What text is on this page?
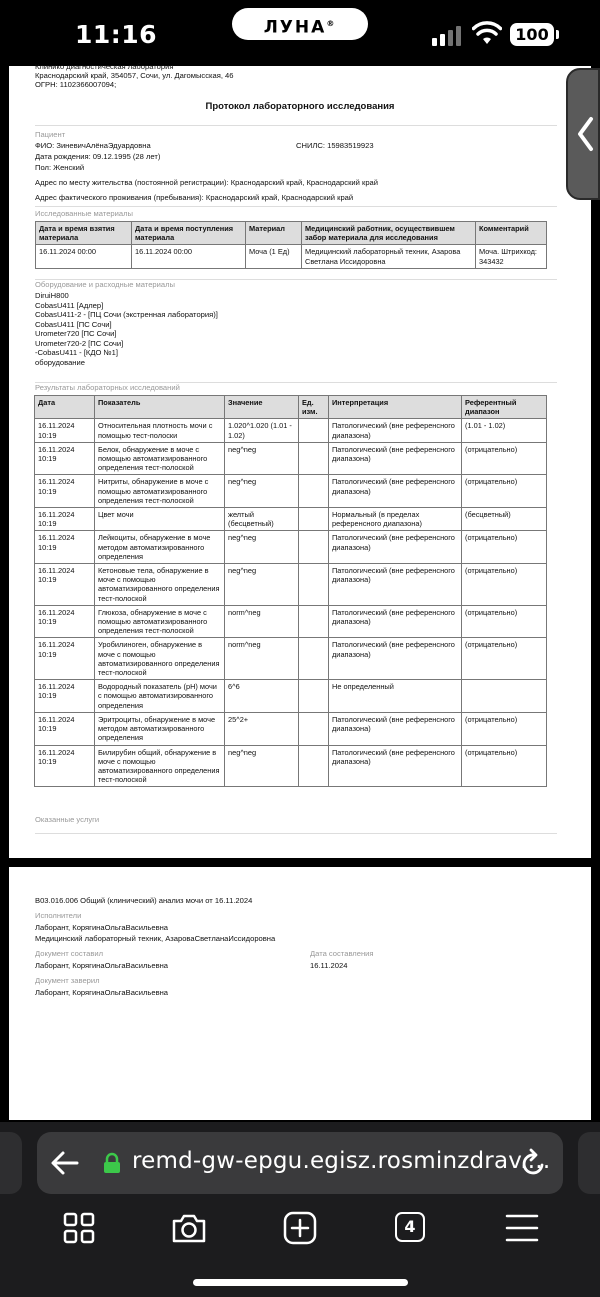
11:16	ЛУНА®
100
Клинико диагностическая лаборатория
Краснодарский край, 354057, Сочи, ул. Дагомысская, 46
ОГРН: 1102366007094;
Протокол лабораторного исследования
Пациент
ФИО: ЗиневичАлёнаЭдуардовна	СНИЛС: 15983519923
Дата рождения: 09.12.1995 (28 лет)
Пол: Женский
Адрес по месту жительства (постоянной регистрации): Краснодарский край, Краснодарский край
Адрес фактического проживания (пребывания): Краснодарский край, Краснодарский край
Исследованные материалы
Дата и время взятия материала	Дата и время поступления материала	Материал	Медицинский работник, осуществившем забор материала для исследования	Комментарий
16.11.2024 00:00	16.11.2024 00:00	Моча (1 Ед)	Медицинский лабораторный техник, Азарова Светлана Иссидоровна	Моча. Штрихкод: 343432
Оборудование и расходные материалы
DiruiH800
CobasU411 [Адлер]
CobasU411-2 - [ПЦ Сочи (экстренная лаборатория)]
CobasU411 [ПС Сочи]
Urometer720 [ПС Сочи]
Urometer720-2 [ПС Сочи]
-CobasU411 - [КДО №1]
оборудование
Результаты лабораторных исследований
Дата	Показатель	Значение	Ед. изм.	Интерпретация	Референтный диапазон
16.11.2024 10:19	Относительная плотность мочи с помощью тест-полоски	1.020^1.020 (1.01 - 1.02)		Патологический (вне референсного диапазона)	(1.01 - 1.02)
16.11.2024 10:19	Белок, обнаружение в моче с помощью автоматизированного определения тест-полоской	neg^neg		Патологический (вне референсного диапазона)	(отрицательно)
16.11.2024 10:19	Нитриты, обнаружение в моче с помощью автоматизированного определения тест-полоской	neg^neg		Патологический (вне референсного диапазона)	(отрицательно)
16.11.2024 10:19	Цвет мочи	желтый (бесцветный)		Нормальный (в пределах референсного диапазона)	(бесцветный)
16.11.2024 10:19	Лейкоциты, обнаружение в моче методом автоматизированного определения	neg^neg		Патологический (вне референсного диапазона)	(отрицательно)
16.11.2024 10:19	Кетоновые тела, обнаружение в моче с помощью автоматизированного определения тест-полоской	neg^neg		Патологический (вне референсного диапазона)	(отрицательно)
16.11.2024 10:19	Глюкоза, обнаружение в моче с помощью автоматизированного определения тест-полоской	norm^neg		Патологический (вне референсного диапазона)	(отрицательно)
16.11.2024 10:19	Уробилиноген, обнаружение в моче с помощью автоматизированного определения тест-полоской	norm^neg		Патологический (вне референсного диапазона)	(отрицательно)
16.11.2024 10:19	Водородный показатель (pH) мочи с помощью автоматизированного определения	6^6		Не определенный	
16.11.2024 10:19	Эритроциты, обнаружение в моче методом автоматизированного определения	25^2+		Патологический (вне референсного диапазона)	(отрицательно)
16.11.2024 10:19	Билирубин общий, обнаружение в моче с помощью автоматизированного определения тест-полоской	neg^neg		Патологический (вне референсного диапазона)	(отрицательно)
Оказанные услуги
B03.016.006 Общий (клинический) анализ мочи от 16.11.2024
Исполнители
Лаборант, КорягинаОльгаВасильевна
Медицинский лабораторный техник, АзароваСветланаИссидоровна
Документ составил
Лаборант, КорягинаОльгаВасильевна
Дата составления
16.11.2024
Документ заверил
Лаборант, КорягинаОльгаВасильевна
remd-gw-epgu.egisz.rosminzdrav....
4
